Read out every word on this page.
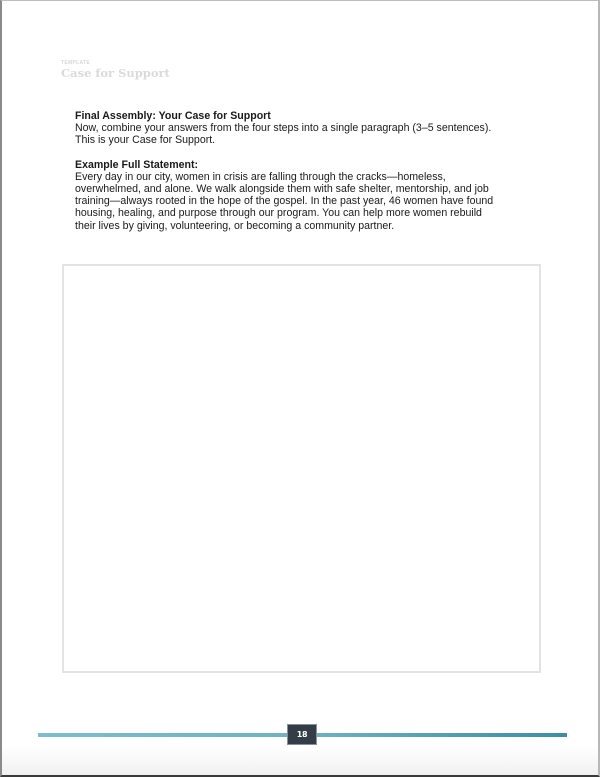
TEMPLATE
Case for Support

Final Assembly: Your Case for Support

Now, combine your answers from the four steps into a single paragraph (3–5 sentences). This is your Case for Support.

Example Full Statement:

Every day in our city, women in crisis are falling through the cracks—homeless, overwhelmed, and alone. We walk alongside them with safe shelter, mentorship, and job training—always rooted in the hope of the gospel. In the past year, 46 women have found housing, healing, and purpose through our program. You can help more women rebuild their lives by giving, volunteering, or becoming a community partner.

18
